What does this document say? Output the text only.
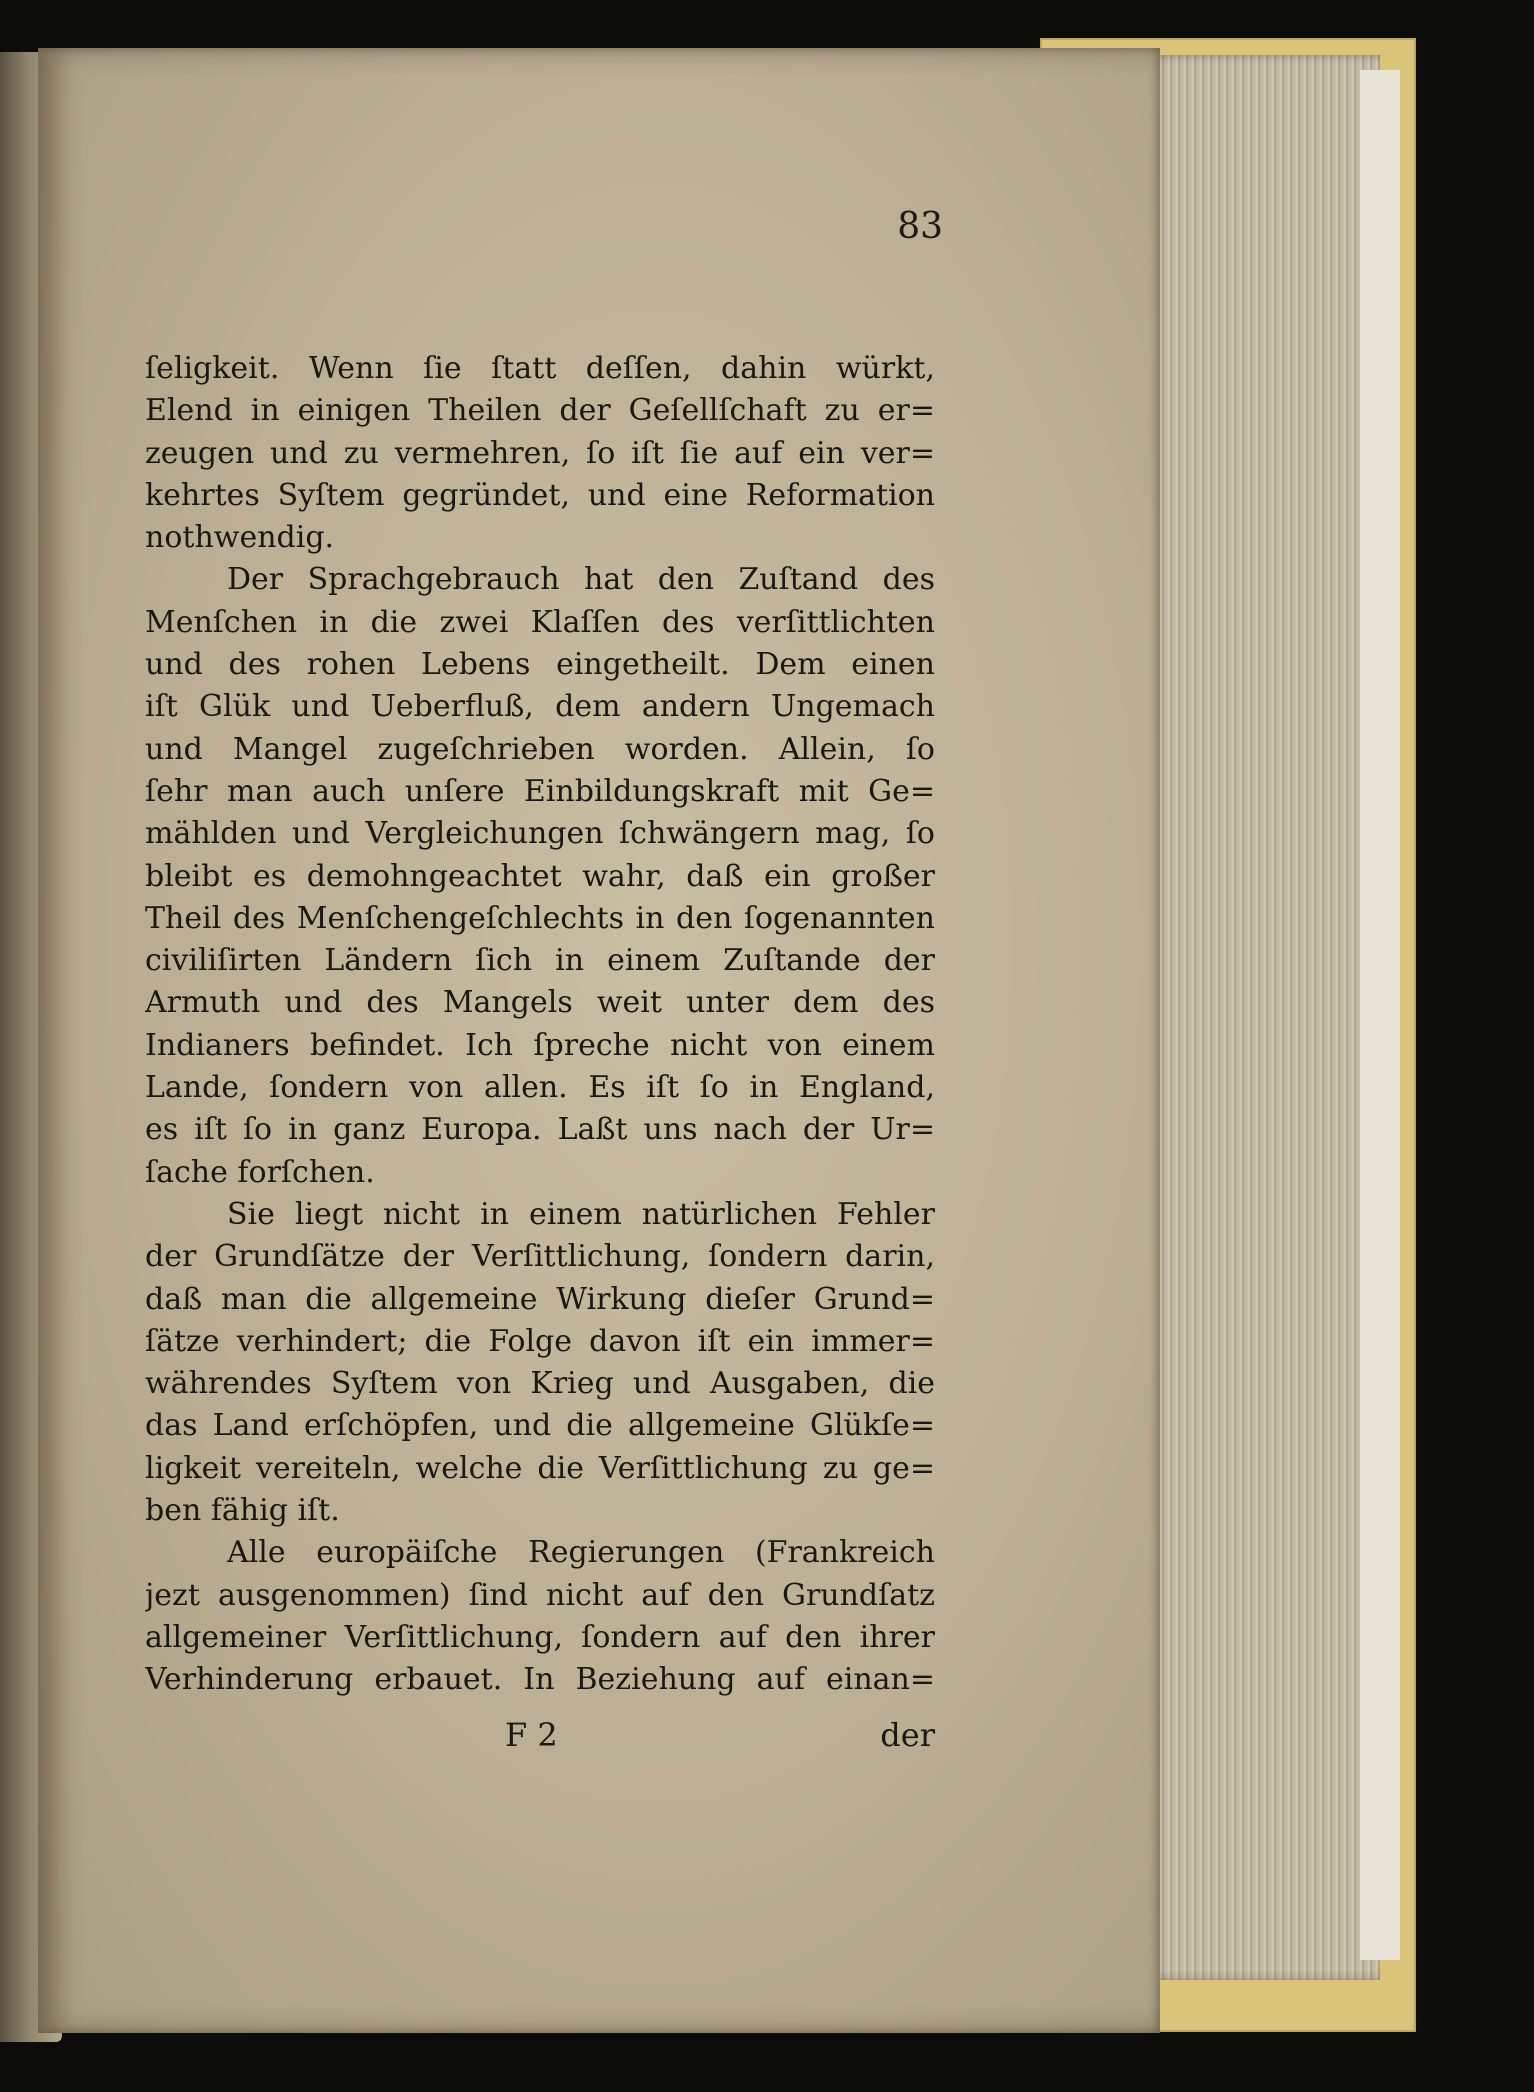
83
ſeligkeit. Wenn ſie ſtatt deſſen, dahin würkt,
Elend in einigen Theilen der Geſellſchaft zu er=
zeugen und zu vermehren, ſo iſt ſie auf ein ver=
kehrtes Syſtem gegründet, und eine Reformation
nothwendig.
Der Sprachgebrauch hat den Zuſtand des
Menſchen in die zwei Klaſſen des verſittlichten
und des rohen Lebens eingetheilt. Dem einen
iſt Glük und Ueberfluß, dem andern Ungemach
und Mangel zugeſchrieben worden. Allein, ſo
ſehr man auch unſere Einbildungskraft mit Ge=
mählden und Vergleichungen ſchwängern mag, ſo
bleibt es demohngeachtet wahr, daß ein großer
Theil des Menſchengeſchlechts in den ſogenannten
civiliſirten Ländern ſich in einem Zuſtande der
Armuth und des Mangels weit unter dem des
Indianers befindet. Ich ſpreche nicht von einem
Lande, ſondern von allen. Es iſt ſo in England,
es iſt ſo in ganz Europa. Laßt uns nach der Ur=
ſache forſchen.
Sie liegt nicht in einem natürlichen Fehler
der Grundſätze der Verſittlichung, ſondern darin,
daß man die allgemeine Wirkung dieſer Grund=
ſätze verhindert; die Folge davon iſt ein immer=
währendes Syſtem von Krieg und Ausgaben, die
das Land erſchöpfen, und die allgemeine Glükſe=
ligkeit vereiteln, welche die Verſittlichung zu ge=
ben fähig iſt.
Alle europäiſche Regierungen (Frankreich
jezt ausgenommen) ſind nicht auf den Grundſatz
allgemeiner Verſittlichung, ſondern auf den ihrer
Verhinderung erbauet. In Beziehung auf einan=
F 2	der
